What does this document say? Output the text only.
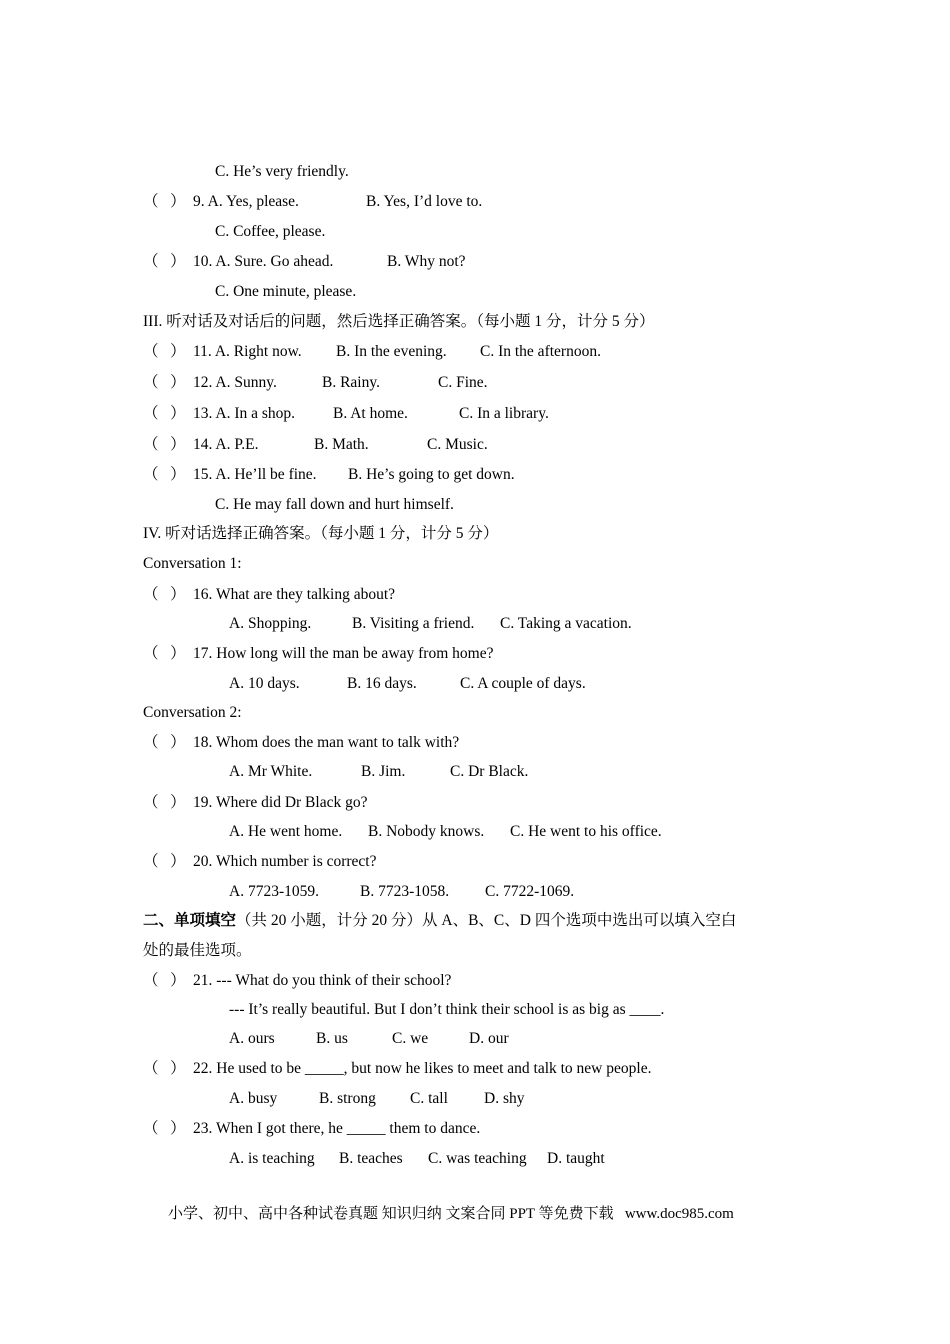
C. He’s very friendly.
（   ） 9. A. Yes, please.	B. Yes, I’d love to.
C. Coffee, please.
（   ） 10. A. Sure. Go ahead.	B. Why not?
C. One minute, please.
III. 听对话及对话后的问题，然后选择正确答案。（每小题 1 分，计分 5 分）
（   ） 11. A. Right now. B. In the evening. C. In the afternoon.
（   ） 12. A. Sunny.	B. Rainy.	C. Fine.
（   ） 13. A. In a shop. B. At home.	C. In a library.
（   ） 14. A. P.E.	B. Math.	C. Music.
（   ） 15. A. He’ll be fine. B. He’s going to get down.
C. He may fall down and hurt himself.
IV. 听对话选择正确答案。（每小题 1 分，计分 5 分）
Conversation 1:
（   ） 16. What are they talking about?
A. Shopping.	B. Visiting a friend. C. Taking a vacation.
（   ） 17. How long will the man be away from home?
A. 10 days.	B. 16 days.	C. A couple of days.
Conversation 2:
（   ） 18. Whom does the man want to talk with?
A. Mr White.	B. Jim.	C. Dr Black.
（   ） 19. Where did Dr Black go?
A. He went home. B. Nobody knows. C. He went to his office.
（   ） 20. Which number is correct?
A. 7723-1059.	B. 7723-1058. C. 7722-1069.
二、单项填空（共 20 小题，计分 20 分）从 A、B、C、D 四个选项中选出可以填入空白
处的最佳选项。
（   ） 21. --- What do you think of their school?
--- It’s really beautiful. But I don’t think their school is as big as ____.
A. ours	B. us	C. we	D. our
（   ） 22. He used to be _____, but now he likes to meet and talk to new people.
A. busy	B. strong C. tall D. shy
（   ） 23. When I got there, he _____ them to dance.
A. is teaching B. teaches C. was teaching D. taught
小学、初中、高中各种试卷真题 知识归纳 文案合同 PPT 等免费下载   www.doc985.com
